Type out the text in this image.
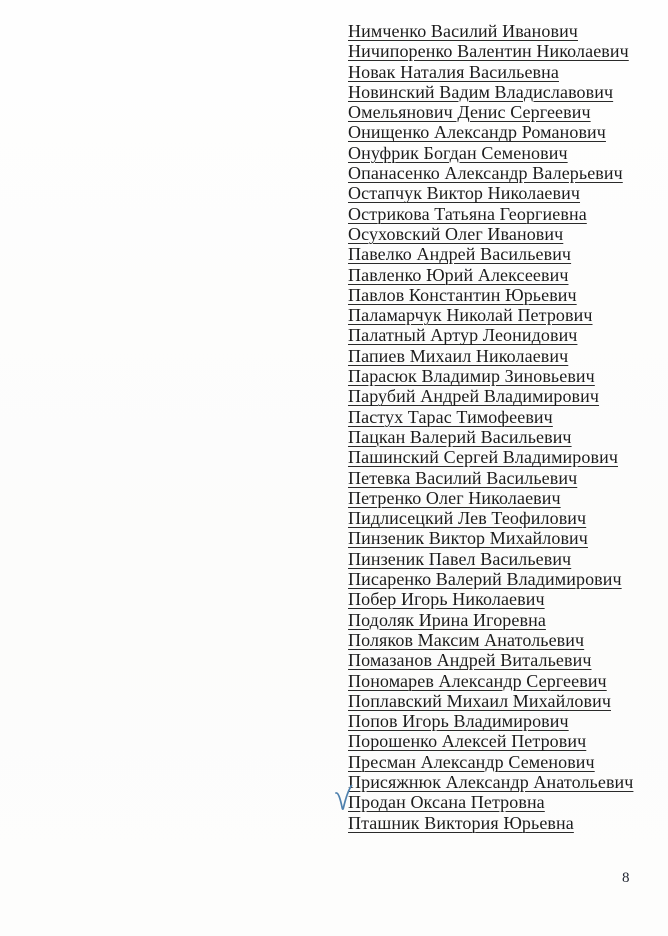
Нимченко Василий Иванович
Ничипоренко Валентин Николаевич
Новак Наталия Васильевна
Новинский Вадим Владиславович
Омельянович Денис Сергеевич
Онищенко Александр Романович
Онуфрик Богдан Семенович
Опанасенко Александр Валерьевич
Остапчук Виктор Николаевич
Острикова Татьяна Георгиевна
Осуховский Олег Иванович
Павелко Андрей Васильевич
Павленко Юрий Алексеевич
Павлов Константин Юрьевич
Паламарчук Николай Петрович
Палатный Артур Леонидович
Папиев Михаил Николаевич
Парасюк Владимир Зиновьевич
Парубий Андрей Владимирович
Пастух Тарас Тимофеевич
Пацкан Валерий Васильевич
Пашинский Сергей Владимирович
Петевка Василий Васильевич
Петренко Олег Николаевич
Пидлисецкий Лев Теофилович
Пинзеник Виктор Михайлович
Пинзеник Павел Васильевич
Писаренко Валерий Владимирович
Побер Игорь Николаевич
Подоляк Ирина Игоревна
Поляков Максим Анатольевич
Помазанов Андрей Витальевич
Пономарев Александр Сергеевич
Поплавский Михаил Михайлович
Попов Игорь Владимирович
Порошенко Алексей Петрович
Пресман Александр Семенович
Присяжнюк Александр Анатольевич
Продан Оксана Петровна
Пташник Виктория Юрьевна
8
